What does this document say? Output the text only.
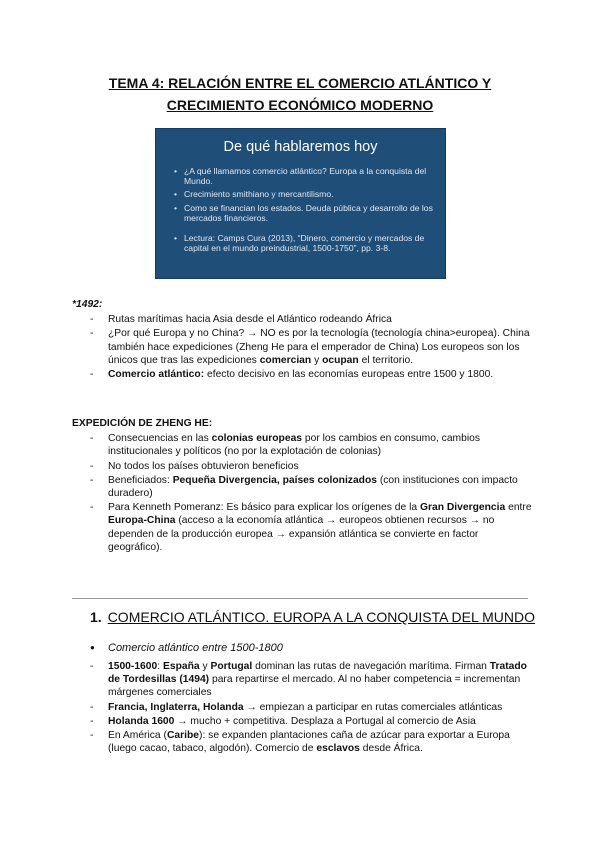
TEMA 4: RELACIÓN ENTRE EL COMERCIO ATLÁNTICO Y
CRECIMIENTO ECONÓMICO MODERNO
De qué hablaremos hoy
• ¿A qué llamamos comercio atlántico? Europa a la conquista del Mundo.
• Crecimiento smithiano y mercantilismo.
• Como se financian los estados. Deuda pública y desarrollo de los mercados financieros.
• Lectura: Camps Cura (2013), “Dinero, comercio y mercados de capital en el mundo preindustrial, 1500-1750”, pp. 3-8.
*1492:
- Rutas marítimas hacia Asia desde el Atlántico rodeando África
- ¿Por qué Europa y no China? → NO es por la tecnología (tecnología china>europea). China también hace expediciones (Zheng He para el emperador de China) Los europeos son los únicos que tras las expediciones comercian y ocupan el territorio.
- Comercio atlántico: efecto decisivo en las economías europeas entre 1500 y 1800.
EXPEDICIÓN DE ZHENG HE:
- Consecuencias en las colonias europeas por los cambios en consumo, cambios institucionales y políticos (no por la explotación de colonias)
- No todos los países obtuvieron beneficios
- Beneficiados: Pequeña Divergencia, países colonizados (con instituciones con impacto duradero)
- Para Kenneth Pomeranz: Es básico para explicar los orígenes de la Gran Divergencia entre Europa-China (acceso a la economía atlántica → europeos obtienen recursos → no dependen de la producción europea → expansión atlántica se convierte en factor geográfico).
1. COMERCIO ATLÁNTICO. EUROPA A LA CONQUISTA DEL MUNDO
● Comercio atlántico entre 1500-1800
- 1500-1600: España y Portugal dominan las rutas de navegación marítima. Firman Tratado de Tordesillas (1494) para repartirse el mercado. Al no haber competencia = incrementan márgenes comerciales
- Francia, Inglaterra, Holanda → empiezan a participar en rutas comerciales atlánticas
- Holanda 1600 → mucho + competitiva. Desplaza a Portugal al comercio de Asia
- En América (Caribe): se expanden plantaciones caña de azúcar para exportar a Europa (luego cacao, tabaco, algodón). Comercio de esclavos desde África.
